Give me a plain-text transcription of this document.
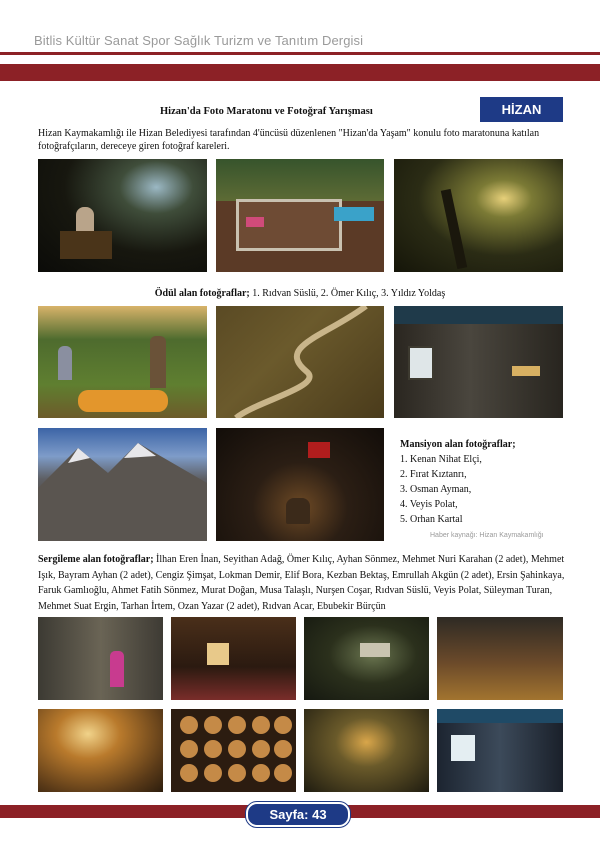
Bitlis Kültür Sanat Spor Sağlık Turizm ve Tanıtım Dergisi
Hizan'da Foto Maratonu ve Fotoğraf Yarışması	HİZAN
Hizan Kaymakamlığı ile Hizan Belediyesi tarafından 4'üncüsü düzenlenen "Hizan'da Yaşam" konulu foto maratonuna katılan fotoğrafçıların, dereceye giren fotoğraf kareleri.
Ödül alan fotoğraflar; 1. Rıdvan Süslü, 2. Ömer Kılıç, 3. Yıldız Yoldaş
Mansiyon alan fotoğraflar;
1. Kenan Nihat Elçi,
2. Fırat Kıztanrı,
3. Osman Ayman,
4. Veyis Polat,
5. Orhan Kartal
Haber kaynağı: Hizan Kaymakamlığı
Sergileme alan fotoğraflar; İlhan Eren İnan, Seyithan Adağ, Ömer Kılıç, Ayhan Sönmez, Mehmet Nuri Karahan (2 adet), Mehmet Işık, Bayram Ayhan (2 adet), Cengiz Şimşat, Lokman Demir, Elif Bora, Kezban Bektaş, Emrullah Akgün (2 adet), Ersin Şahinkaya, Faruk Gamlıoğlu, Ahmet Fatih Sönmez, Murat Doğan, Musa Talaşlı, Nurşen Coşar, Rıdvan Süslü, Veyis Polat, Süleyman Turan, Mehmet Suat Ergin, Tarhan İrtem, Ozan Yazar (2 adet), Rıdvan Acar, Ebubekir Bürçün
Sayfa: 43
